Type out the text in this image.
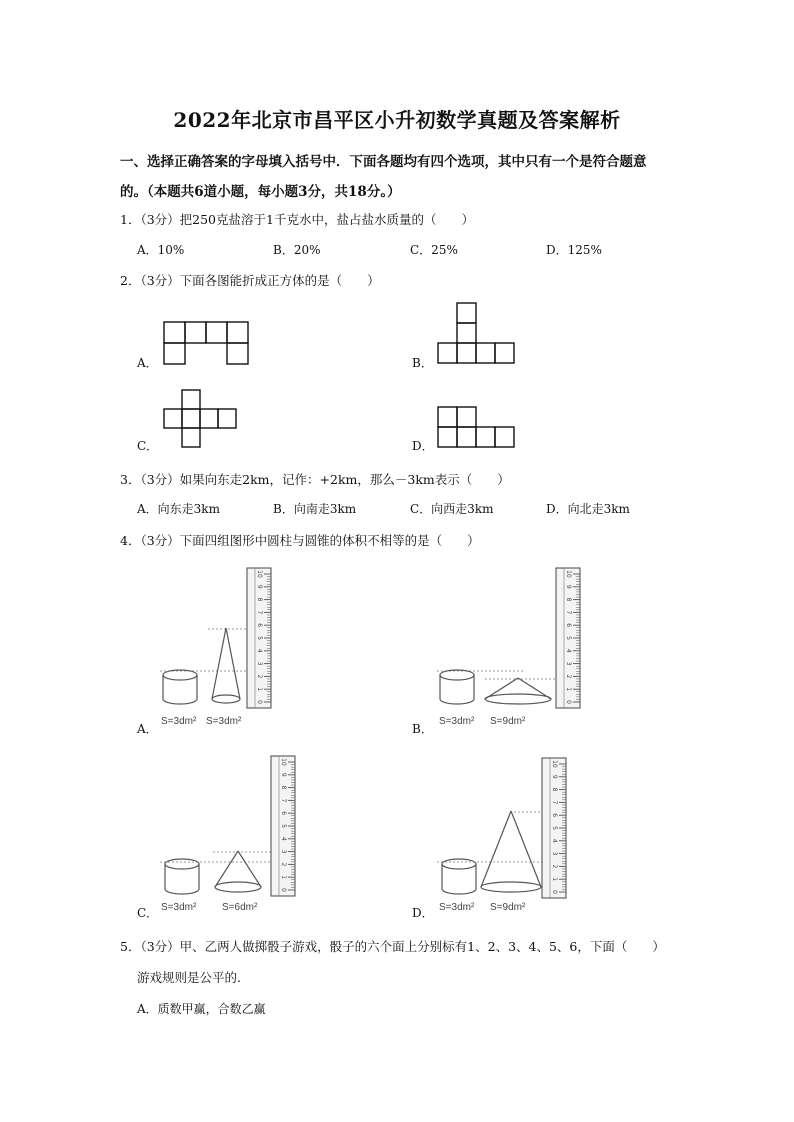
2022年北京市昌平区小升初数学真题及答案解析
一、选择正确答案的字母填入括号中．下面各题均有四个选项，其中只有一个是符合题意
的。（本题共6道小题，每小题3分，共18分。）
1．（3分）把250克盐溶于1千克水中，盐占盐水质量的（　　）
A．10%	B．20%	C．25%	D．125%
2．（3分）下面各图能折成正方体的是（　　）
A．	B．
C．	D．
3．（3分）如果向东走2km，记作：+2km，那么－3km表示（　　）
A．向东走3km	B．向南走3km	C．向西走3km	D．向北走3km
4．（3分）下面四组图形中圆柱与圆锥的体积不相等的是（　　）
A．
0
1
2
3
4
5
6
7
8
9
10
S=3dm² S=3dm²
B．
0
1
2
3
4
5
6
7
8
9
10
S=3dm² S=9dm²
C．
0
1
2
3
4
5
6
7
8
9
10
S=3dm²	S=6dm²	D．
0
1
2
3
4
5
6
7
8
9
10
S=3dm² S=9dm²
5．（3分）甲、乙两人做掷骰子游戏，骰子的六个面上分别标有1、2、3、4、5、6，下面（　　）
游戏规则是公平的.
A．质数甲赢，合数乙赢
